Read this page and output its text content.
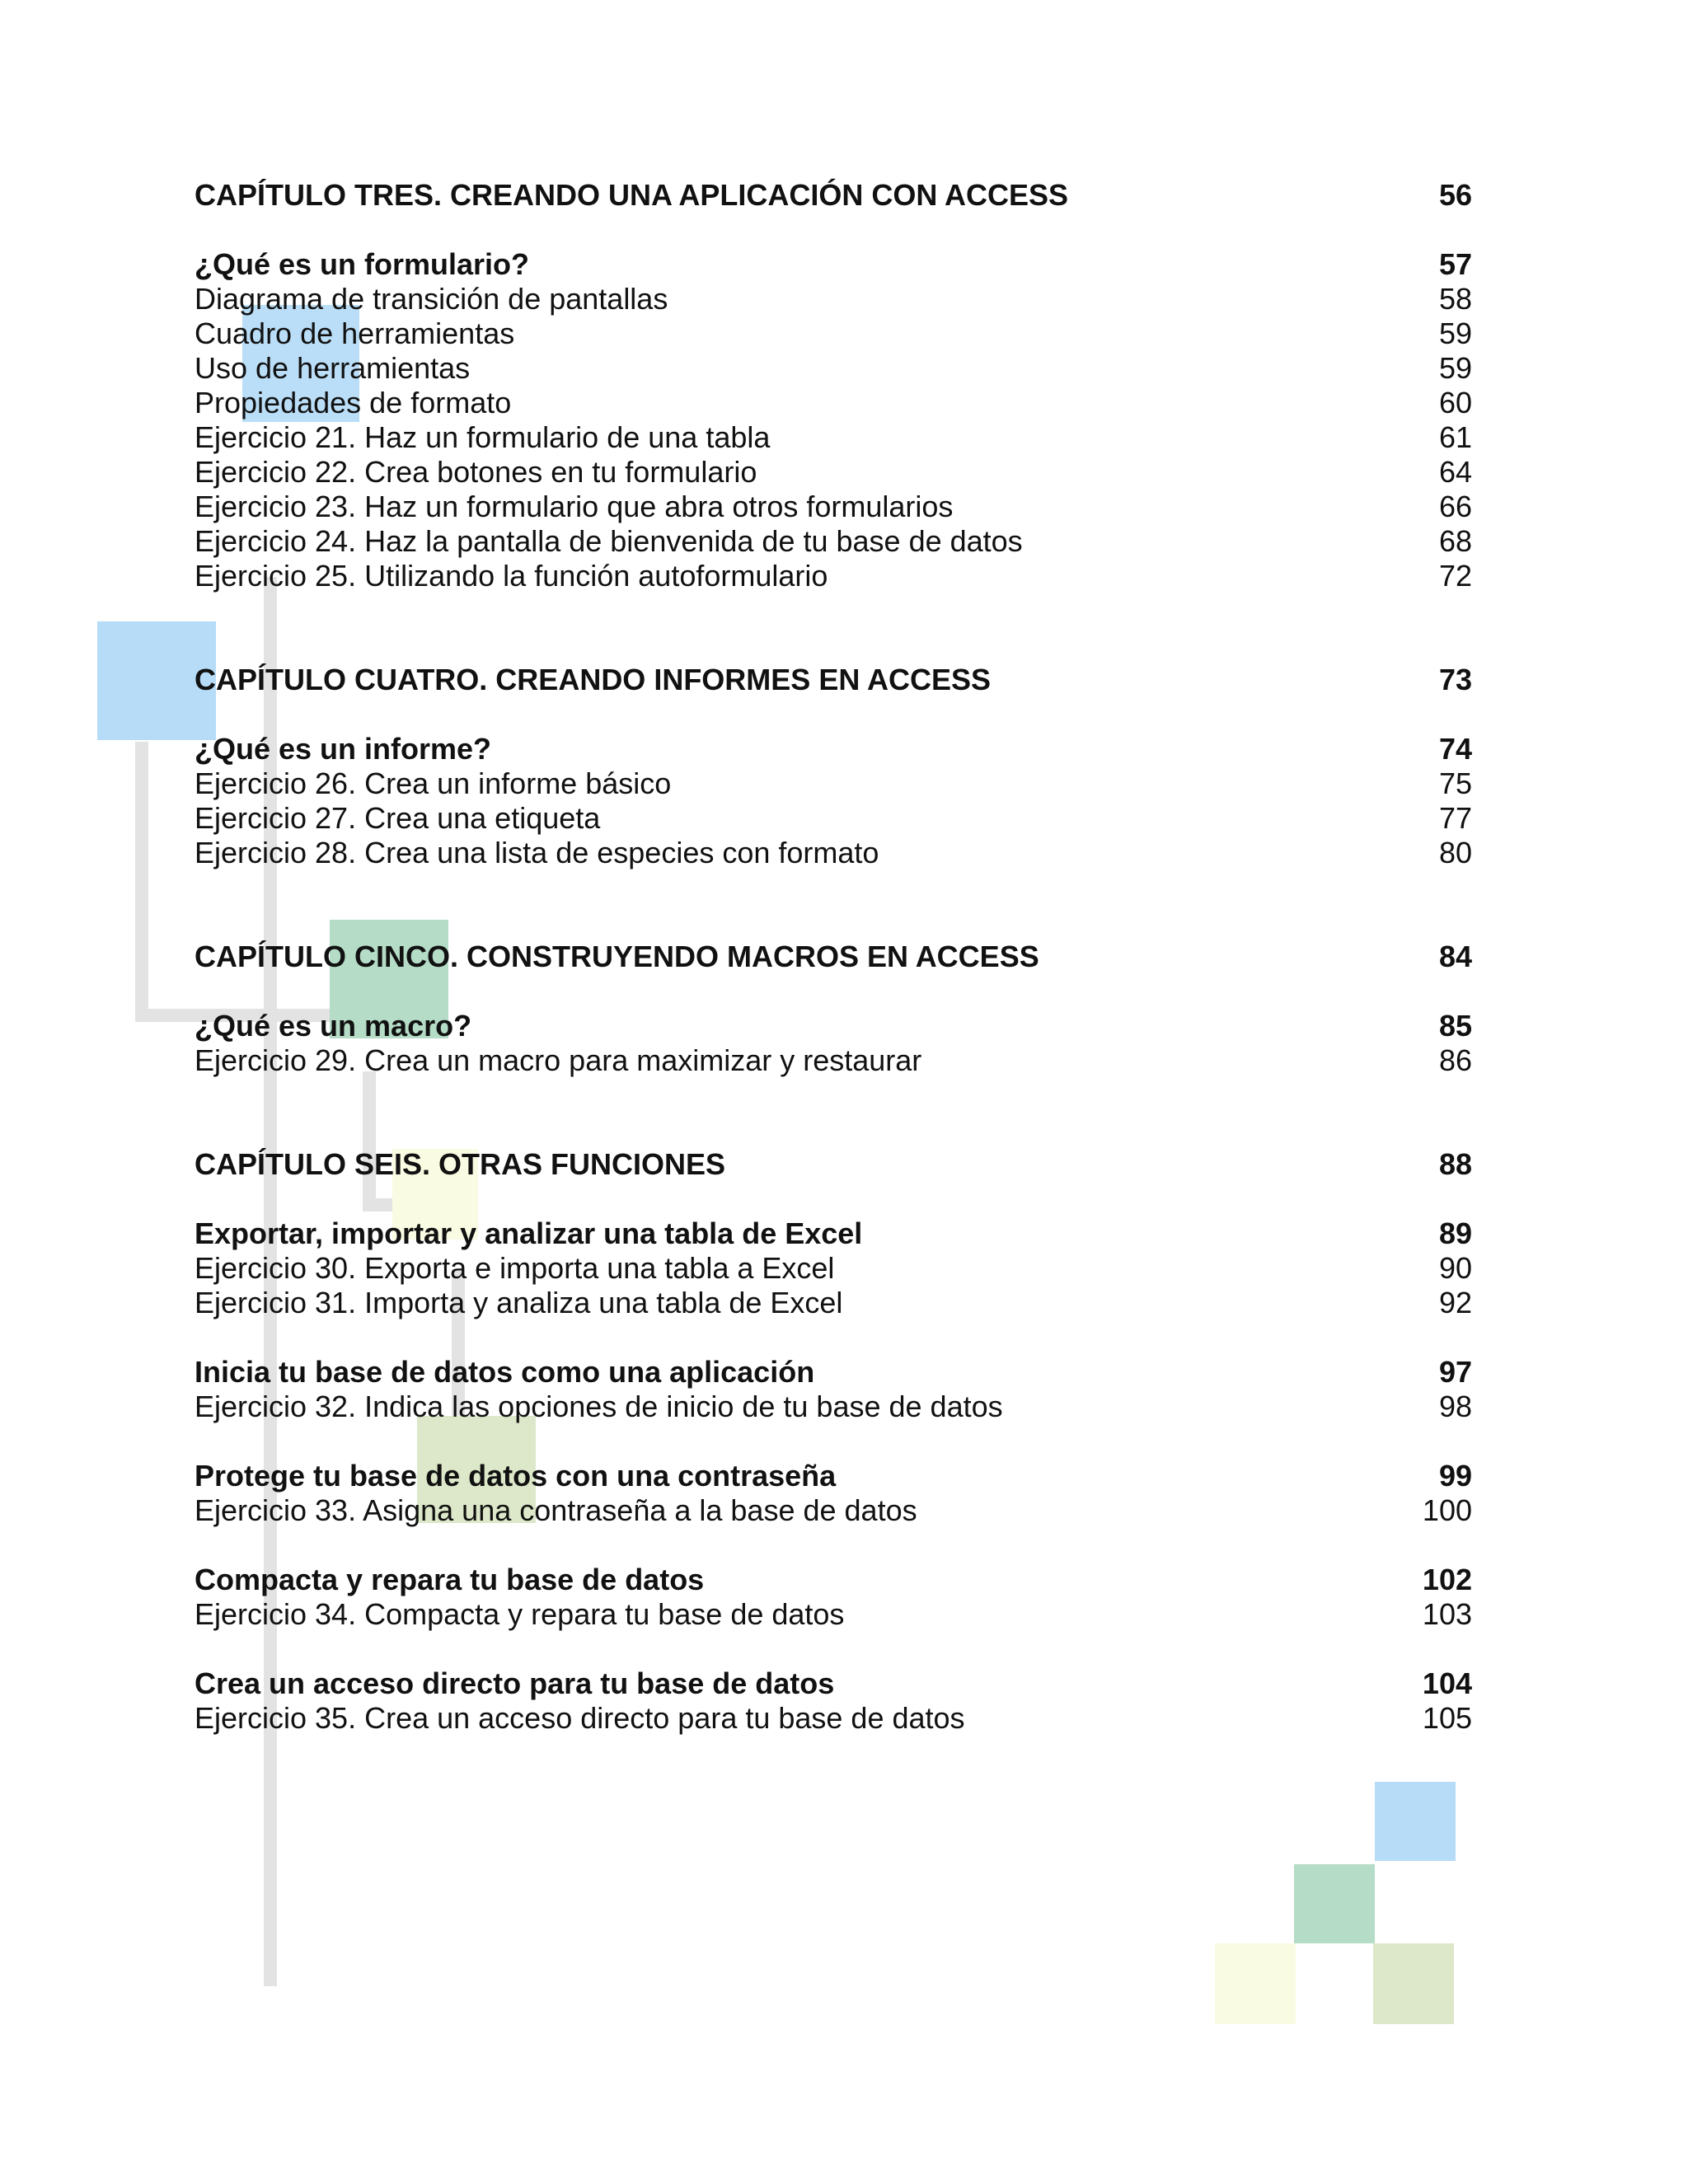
CAPÍTULO TRES. CREANDO UNA APLICACIÓN CON ACCESS	56
¿Qué es un formulario?	57
Diagrama de transición de pantallas	58
Cuadro de herramientas	59
Uso de herramientas	59
Propiedades de formato	60
Ejercicio 21. Haz un formulario de una tabla	61
Ejercicio 22. Crea botones en tu formulario	64
Ejercicio 23. Haz un formulario que abra otros formularios	66
Ejercicio 24. Haz la pantalla de bienvenida de tu base de datos	68
Ejercicio 25. Utilizando la función autoformulario	72
CAPÍTULO CUATRO. CREANDO INFORMES EN ACCESS	73
¿Qué es un informe?	74
Ejercicio 26. Crea un informe básico	75
Ejercicio 27. Crea una etiqueta	77
Ejercicio 28. Crea una lista de especies con formato	80
CAPÍTULO CINCO. CONSTRUYENDO MACROS EN ACCESS	84
¿Qué es un macro?	85
Ejercicio 29. Crea un macro para maximizar y restaurar	86
CAPÍTULO SEIS. OTRAS FUNCIONES	88
Exportar, importar y analizar una tabla de Excel	89
Ejercicio 30. Exporta e importa una tabla a Excel	90
Ejercicio 31. Importa y analiza una tabla de Excel	92
Inicia tu base de datos como una aplicación	97
Ejercicio 32. Indica las opciones de inicio de tu base de datos	98
Protege tu base de datos con una contraseña	99
Ejercicio 33. Asigna una contraseña a la base de datos	100
Compacta y repara tu base de datos	102
Ejercicio 34. Compacta y repara tu base de datos	103
Crea un acceso directo para tu base de datos	104
Ejercicio 35. Crea un acceso directo para tu base de datos	105
